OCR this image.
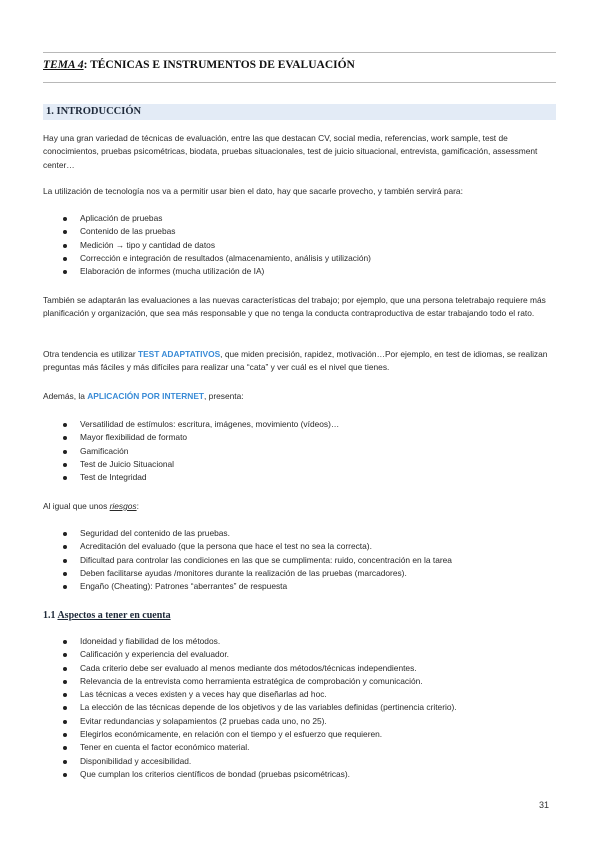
TEMA 4: TÉCNICAS E INSTRUMENTOS DE EVALUACIÓN
1. INTRODUCCIÓN

Hay una gran variedad de técnicas de evaluación, entre las que destacan CV, social media, referencias, work sample, test de conocimientos, pruebas psicométricas, biodata, pruebas situacionales, test de juicio situacional, entrevista, gamificación, assessment center…

La utilización de tecnología nos va a permitir usar bien el dato, hay que sacarle provecho, y también servirá para:

Aplicación de pruebas
Contenido de las pruebas
Medición → tipo y cantidad de datos
Corrección e integración de resultados (almacenamiento, análisis y utilización)
Elaboración de informes (mucha utilización de IA)

También se adaptarán las evaluaciones a las nuevas características del trabajo; por ejemplo, que una persona teletrabajo requiere más planificación y organización, que sea más responsable y que no tenga la conducta contraproductiva de estar trabajando todo el rato.

Otra tendencia es utilizar TEST ADAPTATIVOS, que miden precisión, rapidez, motivación…Por ejemplo, en test de idiomas, se realizan preguntas más fáciles y más difíciles para realizar una “cata” y ver cuál es el nivel que tienes.

Además, la APLICACIÓN POR INTERNET, presenta:

Versatilidad de estímulos: escritura, imágenes, movimiento (vídeos)…
Mayor flexibilidad de formato
Gamificación
Test de Juicio Situacional
Test de Integridad

Al igual que unos riesgos:

Seguridad del contenido de las pruebas.
Acreditación del evaluado (que la persona que hace el test no sea la correcta).
Dificultad para controlar las condiciones en las que se cumplimenta: ruido, concentración en la tarea
Deben facilitarse ayudas /monitores durante la realización de las pruebas (marcadores).
Engaño (Cheating): Patrones “aberrantes” de respuesta
1.1 Aspectos a tener en cuenta
Idoneidad y fiabilidad de los métodos.
Calificación y experiencia del evaluador.
Cada criterio debe ser evaluado al menos mediante dos métodos/técnicas independientes.
Relevancia de la entrevista como herramienta estratégica de comprobación y comunicación.
Las técnicas a veces existen y a veces hay que diseñarlas ad hoc.
La elección de las técnicas depende de los objetivos y de las variables definidas (pertinencia criterio).
Evitar redundancias y solapamientos (2 pruebas cada uno, no 25).
Elegirlos económicamente, en relación con el tiempo y el esfuerzo que requieren.
Tener en cuenta el factor económico material.
Disponibilidad y accesibilidad.
Que cumplan los criterios científicos de bondad (pruebas psicométricas).
31
